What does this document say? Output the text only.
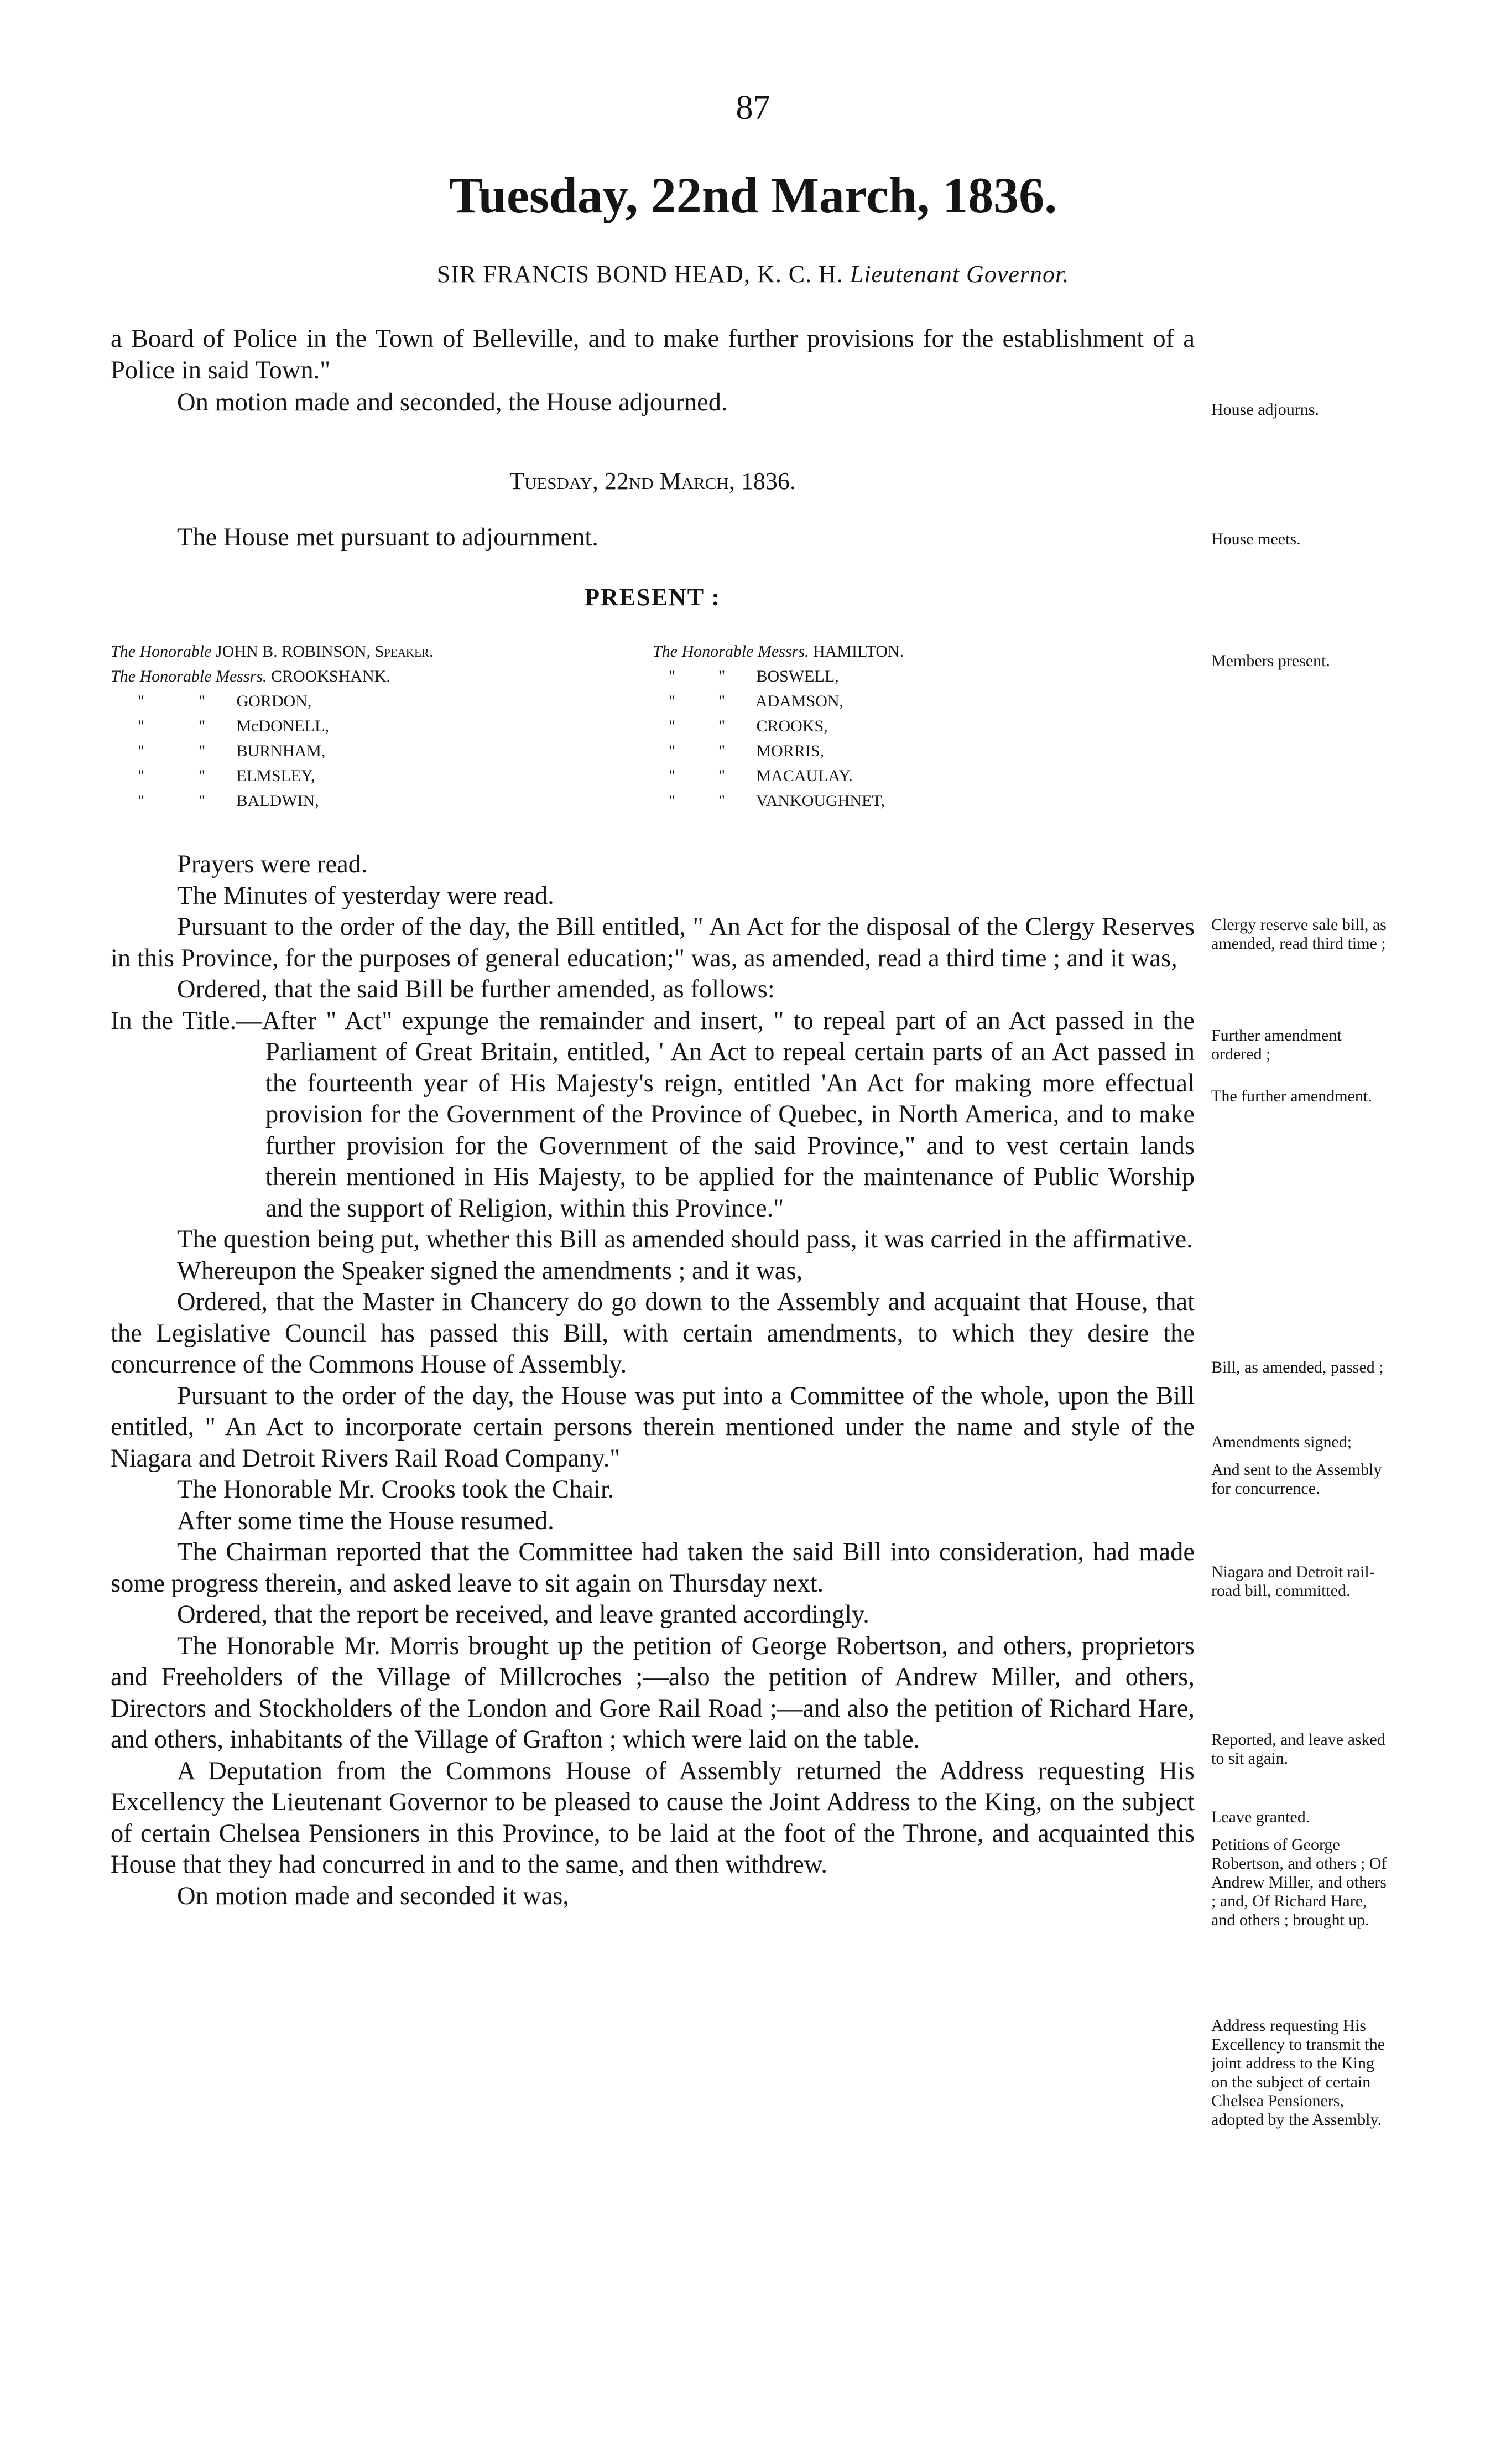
87
Tuesday, 22nd March, 1836.
SIR FRANCIS BOND HEAD, K. C. H. Lieutenant Governor.
a Board of Police in the Town of Belleville, and to make further provisions for the establishment of a Police in said Town."
On motion made and seconded, the House adjourned.
Tuesday, 22nd March, 1836.
The House met pursuant to adjournment.
PRESENT :
The Honorable JOHN B. ROBINSON, Speaker.
The Honorable Messrs. CROOKSHANK.
"	" GORDON,
"	" McDONELL,
"	" BURNHAM,
"	" ELMSLEY,
"	" BALDWIN,
The Honorable Messrs. HAMILTON.
"	" BOSWELL,
"	" ADAMSON,
"	" CROOKS,
"	" MORRIS,
"	" MACAULAY.
"	" VANKOUGHNET,

Prayers were read.

The Minutes of yesterday were read.

Pursuant to the order of the day, the Bill entitled, " An Act for the disposal of the Clergy Reserves in this Province, for the purposes of general education;" was, as amended, read a third time ; and it was,

Ordered, that the said Bill be further amended, as follows:

In the Title.—After " Act" expunge the remainder and insert, " to repeal part of an Act passed in the Parliament of Great Britain, entitled, ' An Act to repeal certain parts of an Act passed in the fourteenth year of His Majesty's reign, entitled 'An Act for making more effectual provision for the Government of the Province of Quebec, in North America, and to make further provision for the Government of the said Province," and to vest certain lands therein mentioned in His Majesty, to be applied for the maintenance of Public Worship and the support of Religion, within this Province."

The question being put, whether this Bill as amended should pass, it was carried in the affirmative.

Whereupon the Speaker signed the amendments ; and it was,

Ordered, that the Master in Chancery do go down to the Assembly and acquaint that House, that the Legislative Council has passed this Bill, with certain amendments, to which they desire the concurrence of the Commons House of Assembly.

Pursuant to the order of the day, the House was put into a Committee of the whole, upon the Bill entitled, " An Act to incorporate certain persons therein mentioned under the name and style of the Niagara and Detroit Rivers Rail Road Company."

The Honorable Mr. Crooks took the Chair.

After some time the House resumed.

The Chairman reported that the Committee had taken the said Bill into consideration, had made some progress therein, and asked leave to sit again on Thursday next.

Ordered, that the report be received, and leave granted accordingly.

The Honorable Mr. Morris brought up the petition of George Robertson, and others, proprietors and Freeholders of the Village of Millcroches ;—also the petition of Andrew Miller, and others, Directors and Stockholders of the London and Gore Rail Road ;—and also the petition of Richard Hare, and others, inhabitants of the Village of Grafton ; which were laid on the table.

A Deputation from the Commons House of Assembly returned the Address requesting His Excellency the Lieutenant Governor to be pleased to cause the Joint Address to the King, on the subject of certain Chelsea Pensioners in this Province, to be laid at the foot of the Throne, and acquainted this House that they had concurred in and to the same, and then withdrew.

On motion made and seconded it was,

House adjourns.
House meets.
Members present.
Clergy reserve sale bill, as amended, read third time ;
Further amendment ordered ;
The further amendment.
Bill, as amended, passed ;
Amendments signed;
And sent to the Assembly for concurrence.
Niagara and Detroit rail-road bill, committed.
Reported, and leave asked to sit again.
Leave granted.
Petitions of George Robertson, and others ; Of Andrew Miller, and others ; and, Of Richard Hare, and others ; brought up.
Address requesting His Excellency to transmit the joint address to the King on the subject of certain Chelsea Pensioners, adopted by the Assembly.
